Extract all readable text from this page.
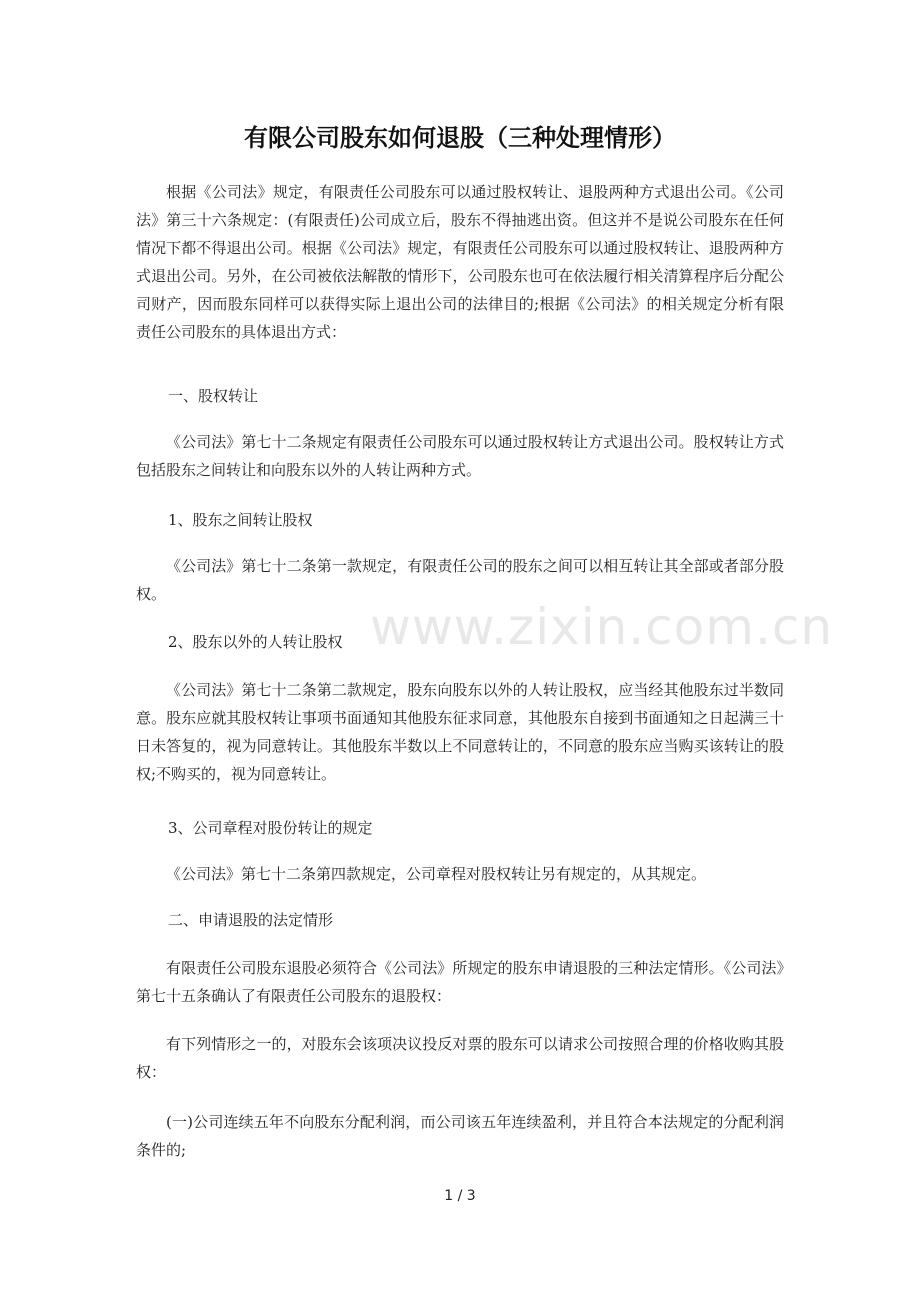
有限公司股东如何退股（三种处理情形）

根据《公司法》规定，有限责任公司股东可以通过股权转让、退股两种方式退出公司。《公司法》第三十六条规定：(有限责任)公司成立后，股东不得抽逃出资。但这并不是说公司股东在任何情况下都不得退出公司。根据《公司法》规定，有限责任公司股东可以通过股权转让、退股两种方式退出公司。另外，在公司被依法解散的情形下，公司股东也可在依法履行相关清算程序后分配公司财产，因而股东同样可以获得实际上退出公司的法律目的;根据《公司法》的相关规定分析有限责任公司股东的具体退出方式：

一、股权转让

《公司法》第七十二条规定有限责任公司股东可以通过股权转让方式退出公司。股权转让方式包括股东之间转让和向股东以外的人转让两种方式。

1、股东之间转让股权

《公司法》第七十二条第一款规定，有限责任公司的股东之间可以相互转让其全部或者部分股权。

2、股东以外的人转让股权

《公司法》第七十二条第二款规定，股东向股东以外的人转让股权，应当经其他股东过半数同意。股东应就其股权转让事项书面通知其他股东征求同意，其他股东自接到书面通知之日起满三十日未答复的，视为同意转让。其他股东半数以上不同意转让的，不同意的股东应当购买该转让的股权;不购买的，视为同意转让。

3、公司章程对股份转让的规定

《公司法》第七十二条第四款规定，公司章程对股权转让另有规定的，从其规定。

二、申请退股的法定情形

有限责任公司股东退股必须符合《公司法》所规定的股东申请退股的三种法定情形。《公司法》第七十五条确认了有限责任公司股东的退股权：

有下列情形之一的，对股东会该项决议投反对票的股东可以请求公司按照合理的价格收购其股权：

(一)公司连续五年不向股东分配利润，而公司该五年连续盈利，并且符合本法规定的分配利润条件的;

www.zixin.com.cn
1 / 3
